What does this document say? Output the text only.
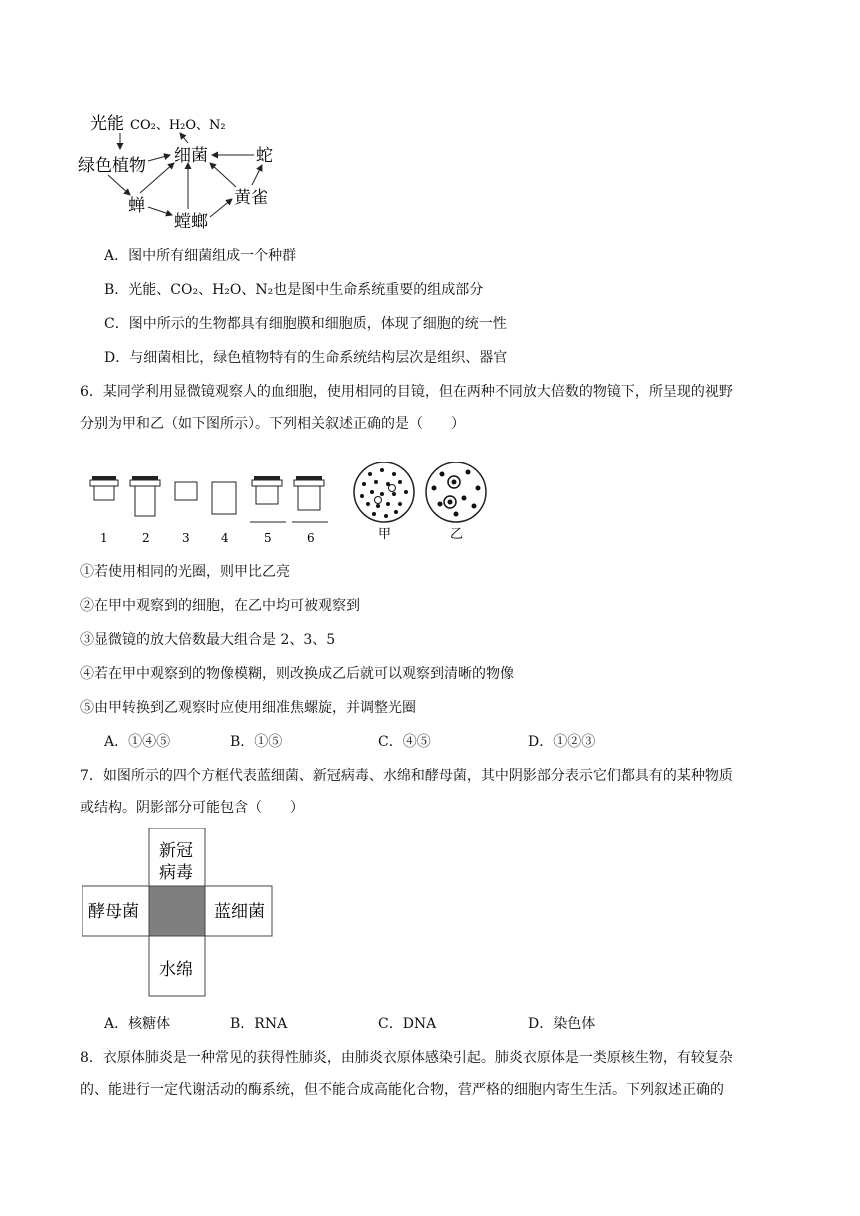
光能 CO₂、H₂O、N₂
绿色植物 细菌	蛇
蝉
螳螂
黄雀
A．图中所有细菌组成一个种群
B．光能、CO₂、H₂O、N₂也是图中生命系统重要的组成部分
C．图中所示的生物都具有细胞膜和细胞质，体现了细胞的统一性
D．与细菌相比，绿色植物特有的生命系统结构层次是组织、器官
6．某同学利用显微镜观察人的血细胞，使用相同的目镜，但在两种不同放大倍数的物镜下，所呈现的视野
分别为甲和乙（如下图所示）。下列相关叙述正确的是（　　）
1	2	3	4	5	6	甲	乙
①若使用相同的光圈，则甲比乙亮
②在甲中观察到的细胞，在乙中均可被观察到
③显微镜的放大倍数最大组合是 2、3、5
④若在甲中观察到的物像模糊，则改换成乙后就可以观察到清晰的物像
⑤由甲转换到乙观察时应使用细准焦螺旋，并调整光圈
A．①④⑤	B．①⑤	C．④⑤	D．①②③
7．如图所示的四个方框代表蓝细菌、新冠病毒、水绵和酵母菌，其中阴影部分表示它们都具有的某种物质
或结构。阴影部分可能包含（　　）
新冠
病毒
酵母菌	蓝细菌
水绵
A．核糖体	B．RNA	C．DNA	D．染色体
8．衣原体肺炎是一种常见的获得性肺炎，由肺炎衣原体感染引起。肺炎衣原体是一类原核生物，有较复杂
的、能进行一定代谢活动的酶系统，但不能合成高能化合物，营严格的细胞内寄生生活。下列叙述正确的
